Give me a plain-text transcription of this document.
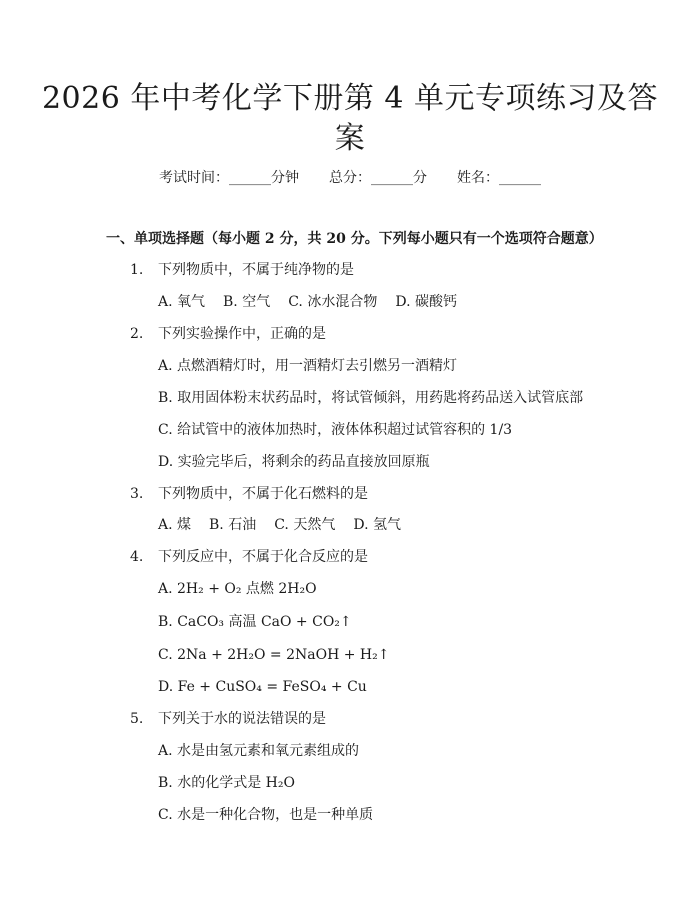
2026 年中考化学下册第 4 单元专项练习及答
案
考试时间：______分钟 总分：______分 姓名：______
一、单项选择题（每小题 2 分，共 20 分。下列每小题只有一个选项符合题意）
1. 下列物质中，不属于纯净物的是
A. 氧气 B. 空气 C. 冰水混合物 D. 碳酸钙
2. 下列实验操作中，正确的是
A. 点燃酒精灯时，用一酒精灯去引燃另一酒精灯
B. 取用固体粉末状药品时，将试管倾斜，用药匙将药品送入试管底部
C. 给试管中的液体加热时，液体体积超过试管容积的 1/3
D. 实验完毕后，将剩余的药品直接放回原瓶
3. 下列物质中，不属于化石燃料的是
A. 煤 B. 石油 C. 天然气 D. 氢气
4. 下列反应中，不属于化合反应的是
A. 2H₂ + O₂ 点燃 2H₂O
B. CaCO₃ 高温 CaO + CO₂↑
C. 2Na + 2H₂O = 2NaOH + H₂↑
D. Fe + CuSO₄ = FeSO₄ + Cu
5. 下列关于水的说法错误的是
A. 水是由氢元素和氧元素组成的
B. 水的化学式是 H₂O
C. 水是一种化合物，也是一种单质
